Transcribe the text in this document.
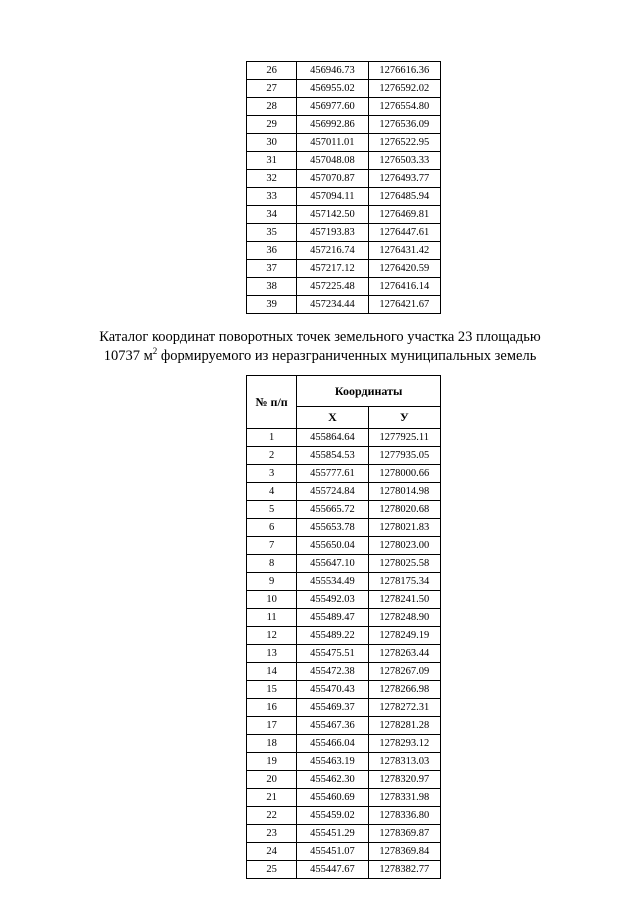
26	456946.73	1276616.36
27	456955.02	1276592.02
28	456977.60	1276554.80
29	456992.86	1276536.09
30	457011.01	1276522.95
31	457048.08	1276503.33
32	457070.87	1276493.77
33	457094.11	1276485.94
34	457142.50	1276469.81
35	457193.83	1276447.61
36	457216.74	1276431.42
37	457217.12	1276420.59
38	457225.48	1276416.14
39	457234.44	1276421.67
Каталог координат поворотных точек земельного участка 23 площадью
10737 $м^2$ формируемого из неразграниченных муниципальных земель
№ п/п	Координаты	
	Х	У
1	455864.64	1277925.11
2	455854.53	1277935.05
3	455777.61	1278000.66
4	455724.84	1278014.98
5	455665.72	1278020.68
6	455653.78	1278021.83
7	455650.04	1278023.00
8	455647.10	1278025.58
9	455534.49	1278175.34
10	455492.03	1278241.50
11	455489.47	1278248.90
12	455489.22	1278249.19
13	455475.51	1278263.44
14	455472.38	1278267.09
15	455470.43	1278266.98
16	455469.37	1278272.31
17	455467.36	1278281.28
18	455466.04	1278293.12
19	455463.19	1278313.03
20	455462.30	1278320.97
21	455460.69	1278331.98
22	455459.02	1278336.80
23	455451.29	1278369.87
24	455451.07	1278369.84
25	455447.67	1278382.77
